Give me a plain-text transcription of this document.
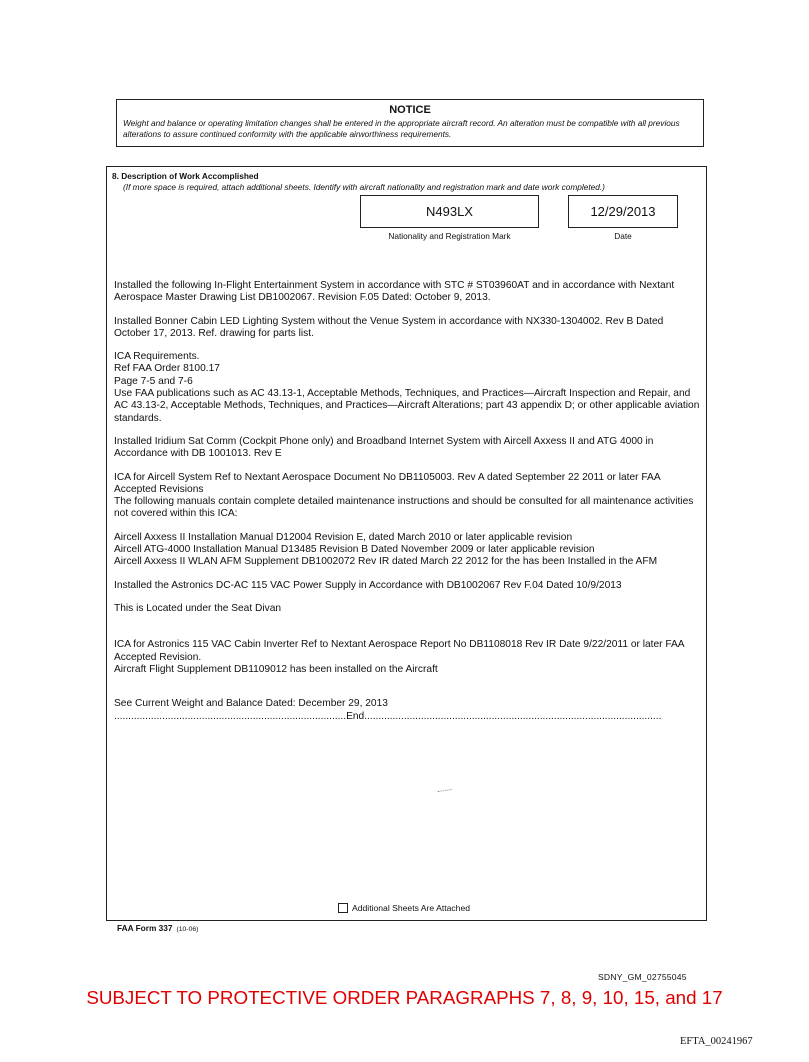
NOTICE
Weight and balance or operating limitation changes shall be entered in the appropriate aircraft record. An alteration must be compatible with all previous alterations to assure continued conformity with the applicable airworthiness requirements.
8. Description of Work Accomplished
(If more space is required, attach additional sheets. Identify with aircraft nationality and registration mark and date work completed.)
N493LX	12/29/2013
Nationality and Registration Mark	Date

Installed the following In-Flight Entertainment System in accordance with STC # ST03960AT and in accordance with Nextant Aerospace Master Drawing List DB1002067. Revision F.05 Dated: October 9, 2013.

Installed Bonner Cabin LED Lighting System without the Venue System in accordance with NX330-1304002. Rev B Dated October 17, 2013. Ref. drawing for parts list.

ICA Requirements.
Ref FAA Order 8100.17
Page 7-5 and 7-6
Use FAA publications such as AC 43.13-1, Acceptable Methods, Techniques, and Practices—Aircraft Inspection and Repair, and AC 43.13-2, Acceptable Methods, Techniques, and Practices—Aircraft Alterations; part 43 appendix D; or other applicable aviation standards.

Installed Iridium Sat Comm (Cockpit Phone only) and Broadband Internet System with Aircell Axxess II and ATG 4000 in Accordance with DB 1001013. Rev E

ICA for Aircell System Ref to Nextant Aerospace Document No DB1105003. Rev A dated September 22 2011 or later FAA Accepted Revisions
The following manuals contain complete detailed maintenance instructions and should be consulted for all maintenance activities not covered within this ICA:

Aircell Axxess II Installation Manual D12004 Revision E, dated March 2010 or later applicable revision
Aircell ATG-4000 Installation Manual D13485 Revision B Dated November 2009 or later applicable revision
Aircell Axxess II WLAN AFM Supplement DB1002072 Rev IR dated March 22 2012 for the has been Installed in the AFM

Installed the Astronics DC-AC 115 VAC Power Supply in Accordance with DB1002067 Rev F.04 Dated 10/9/2013

This is Located under the Seat Divan

ICA for Astronics 115 VAC Cabin Inverter Ref to Nextant Aerospace Report No DB1108018 Rev IR Date 9/22/2011 or later FAA Accepted Revision.
Aircraft Flight Supplement DB1109012 has been installed on the Aircraft

See Current Weight and Balance Dated: December 29, 2013

..................................................................................End.........................................................................................................
Additional Sheets Are Attached
FAA Form 337 (10-06)
SDNY_GM_02755045
SUBJECT TO PROTECTIVE ORDER PARAGRAPHS 7, 8, 9, 10, 15, and 17
EFTA_00241967
